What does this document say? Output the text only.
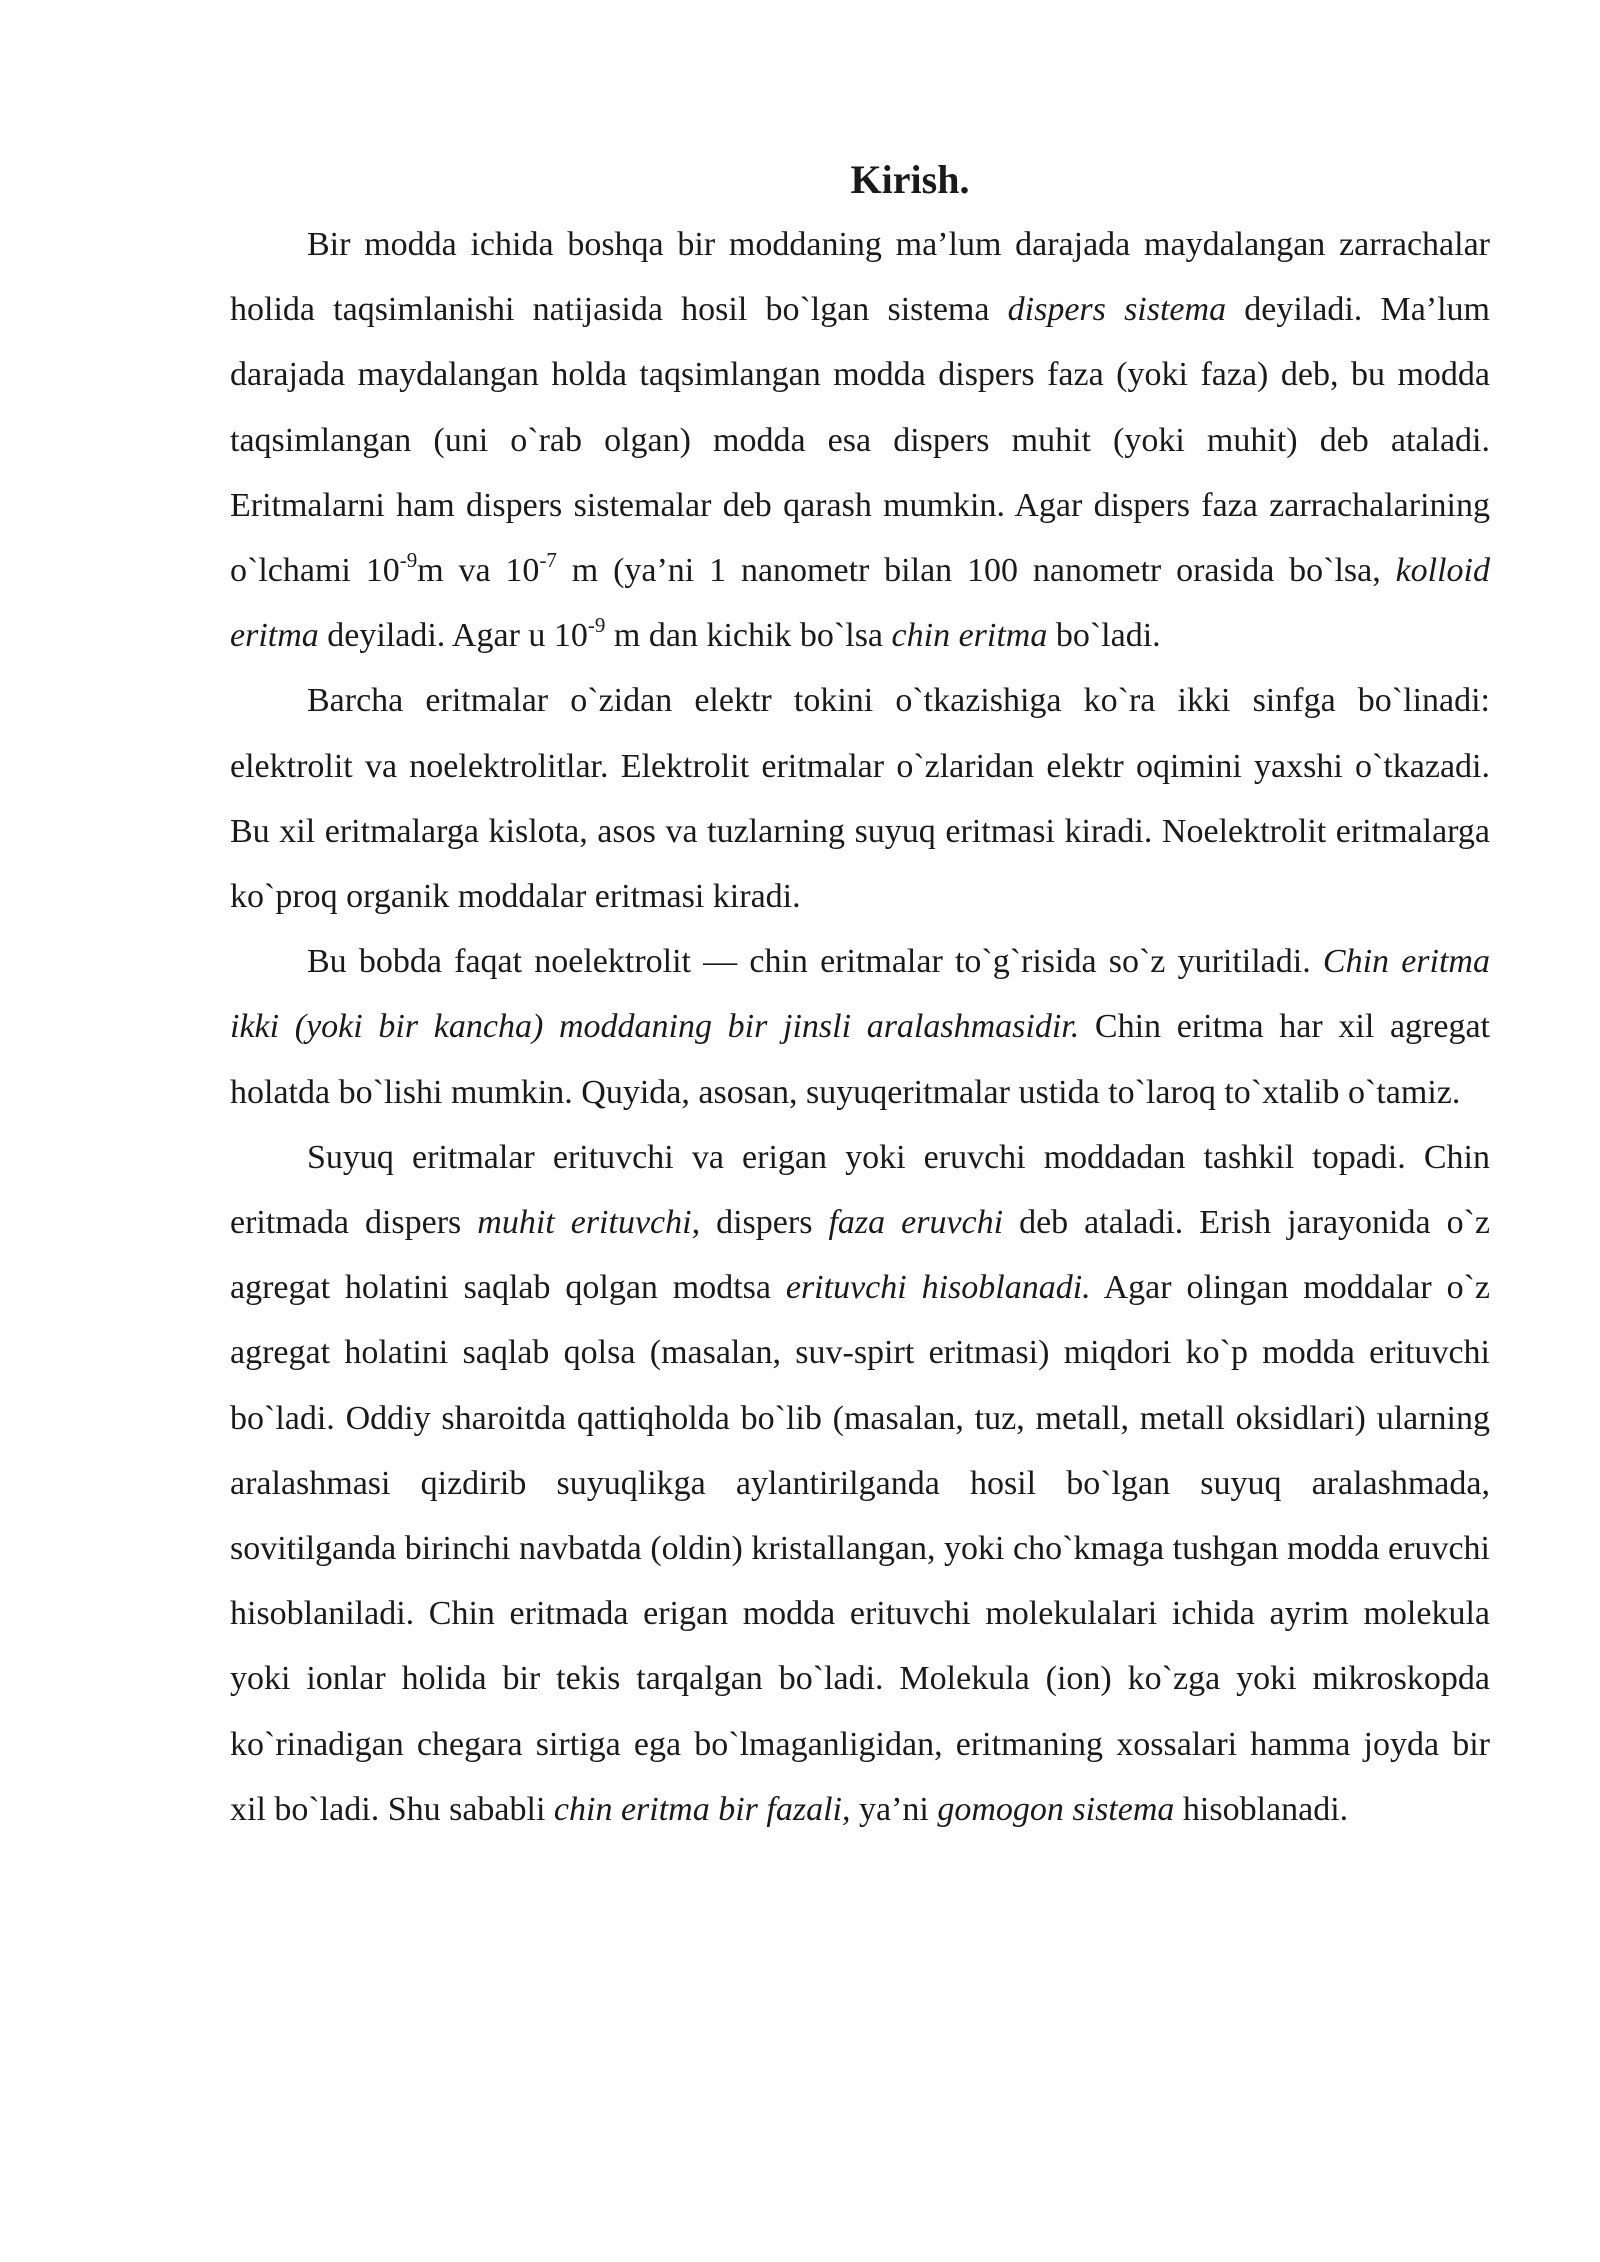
Kirish.

Bir modda ichida boshqa bir moddaning ma’lum darajada maydalangan zarrachalar holida taqsimlanishi natijasida hosil bo`lgan sistema dispers sistema deyiladi. Ma’lum darajada maydalangan holda taqsimlangan modda dispers faza (yoki faza) deb, bu modda taqsimlangan (uni o`rab olgan) modda esa dispers muhit (yoki muhit) deb ataladi. Eritmalarni ham dispers sistemalar deb qarash mumkin. Agar dispers faza zarrachalarining o`lchami $10^{-9}m$ va $10^{-7}$ m (ya’ni 1 nanometr bilan 100 nanometr orasida bo`lsa, kolloid eritma deyiladi. Agar u $10^{-9}$ m dan kichik bo`lsa chin eritma bo`ladi.

Barcha eritmalar o`zidan elektr tokini o`tkazishiga ko`ra ikki sinfga bo`linadi: elektrolit va noelektrolitlar. Elektrolit eritmalar o`zlaridan elektr oqimini yaxshi o`tkazadi. Bu xil eritmalarga kislota, asos va tuzlarning suyuq eritmasi kiradi. Noelektrolit eritmalarga ko`proq organik moddalar eritmasi kiradi.

Bu bobda faqat noelektrolit — chin eritmalar to`g`risida so`z yuritiladi. Chin eritma ikki (yoki bir kancha) moddaning bir jinsli aralashmasidir. Chin eritma har xil agregat holatda bo`lishi mumkin. Quyida, asosan, suyuqeritmalar ustida to`laroq to`xtalib o`tamiz.

Suyuq eritmalar erituvchi va erigan yoki eruvchi moddadan tashkil topadi. Chin eritmada dispers muhit erituvchi, dispers faza eruvchi deb ataladi. Erish jarayonida o`z agregat holatini saqlab qolgan modtsa erituvchi hisoblanadi. Agar olingan moddalar o`z agregat holatini saqlab qolsa (masalan, suv-spirt eritmasi) miqdori ko`p modda erituvchi bo`ladi. Oddiy sharoitda qattiqholda bo`lib (masalan, tuz, metall, metall oksidlari) ularning aralashmasi qizdirib suyuqlikga aylantirilganda hosil bo`lgan suyuq aralashmada, sovitilganda birinchi navbatda (oldin) kristallangan, yoki cho`kmaga tushgan modda eruvchi hisoblaniladi. Chin eritmada erigan modda erituvchi molekulalari ichida ayrim molekula yoki ionlar holida bir tekis tarqalgan bo`ladi. Molekula (ion) ko`zga yoki mikroskopda ko`rinadigan chegara sirtiga ega bo`lmaganligidan, eritmaning xossalari hamma joyda bir xil bo`ladi. Shu sababli chin eritma bir fazali, ya’ni gomogon sistema hisoblanadi.
